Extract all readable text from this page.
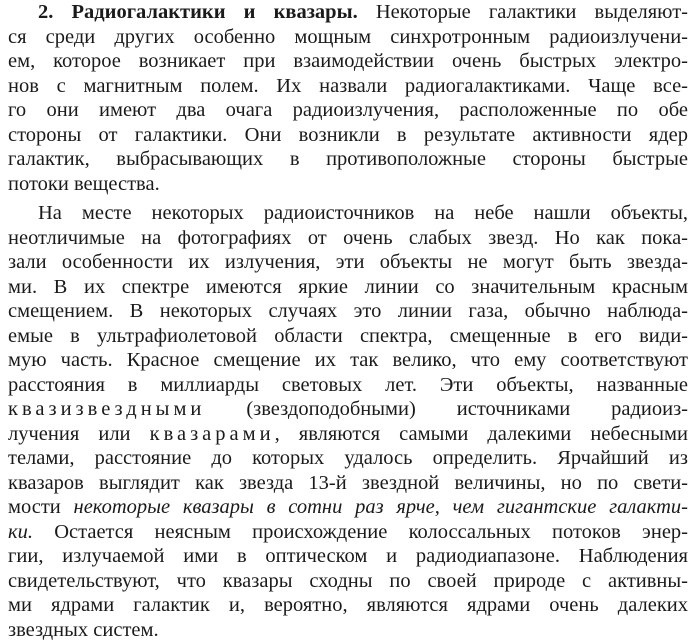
2. Радиогалактики и квазары. Некоторые галактики выделяют-
ся среди других особенно мощным синхротронным радиоизлучени-
ем, которое возникает при взаимодействии очень быстрых электро-
нов с магнитным полем. Их назвали радиогалактиками. Чаще все-
го они имеют два очага радиоизлучения, расположенные по обе
стороны от галактики. Они возникли в результате активности ядер
галактик, выбрасывающих в противоположные стороны быстрые
потоки вещества.
На месте некоторых радиоисточников на небе нашли объекты,
неотличимые на фотографиях от очень слабых звезд. Но как пока-
зали особенности их излучения, эти объекты не могут быть звезда-
ми. В их спектре имеются яркие линии со значительным красным
смещением. В некоторых случаях это линии газа, обычно наблюда-
емые в ультрафиолетовой области спектра, смещенные в его види-
мую часть. Красное смещение их так велико, что ему соответствуют
расстояния в миллиарды световых лет. Эти объекты, названные
квазизвездными (звездоподобными) источниками радиоиз-
лучения или квазарами, являются самыми далекими небесными
телами, расстояние до которых удалось определить. Ярчайший из
квазаров выглядит как звезда 13-й звездной величины, но по свети-
мости некоторые квазары в сотни раз ярче, чем гигантские галакти-
ки. Остается неясным происхождение колоссальных потоков энер-
гии, излучаемой ими в оптическом и радиодиапазоне. Наблюдения
свидетельствуют, что квазары сходны по своей природе с активны-
ми ядрами галактик и, вероятно, являются ядрами очень далеких
звездных систем.
